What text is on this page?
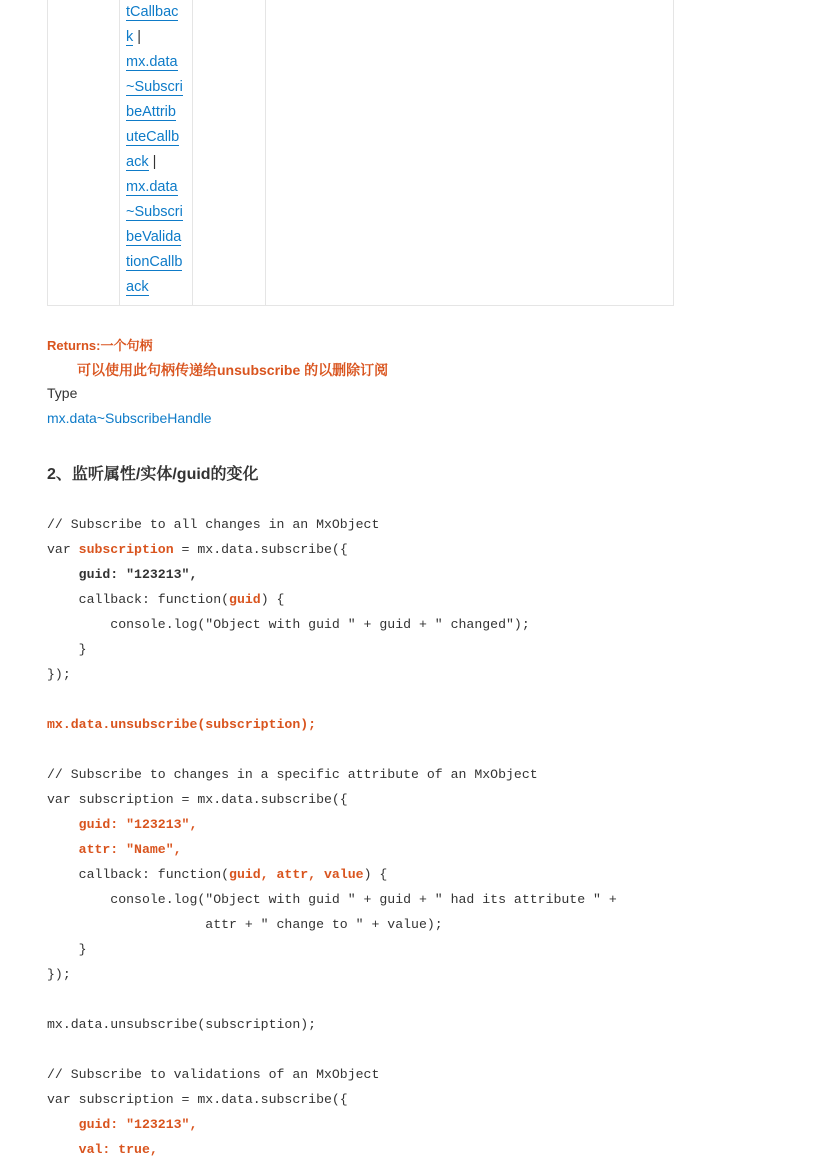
tCallbac
k |
mx.data
~Subscri
beAttrib
uteCallb
ack |
mx.data
~Subscri
beValida
tionCallb
ack
Returns:一个句柄
可以使用此句柄传递给unsubscribe 的以删除订阅
Type
mx.data~SubscribeHandle
2、监听属性/实体/guid的变化
// Subscribe to all changes in an MxObject
var subscription = mx.data.subscribe({
guid: "123213",
callback: function(guid) {
console.log("Object with guid " + guid + " changed");
}
});
mx.data.unsubscribe(subscription);
// Subscribe to changes in a specific attribute of an MxObject
var subscription = mx.data.subscribe({
guid: "123213",
attr: "Name",
callback: function(guid, attr, value) {
console.log("Object with guid " + guid + " had its attribute " +
attr + " change to " + value);
}
});
mx.data.unsubscribe(subscription);
// Subscribe to validations of an MxObject
var subscription = mx.data.subscribe({
guid: "123213",
val: true,
